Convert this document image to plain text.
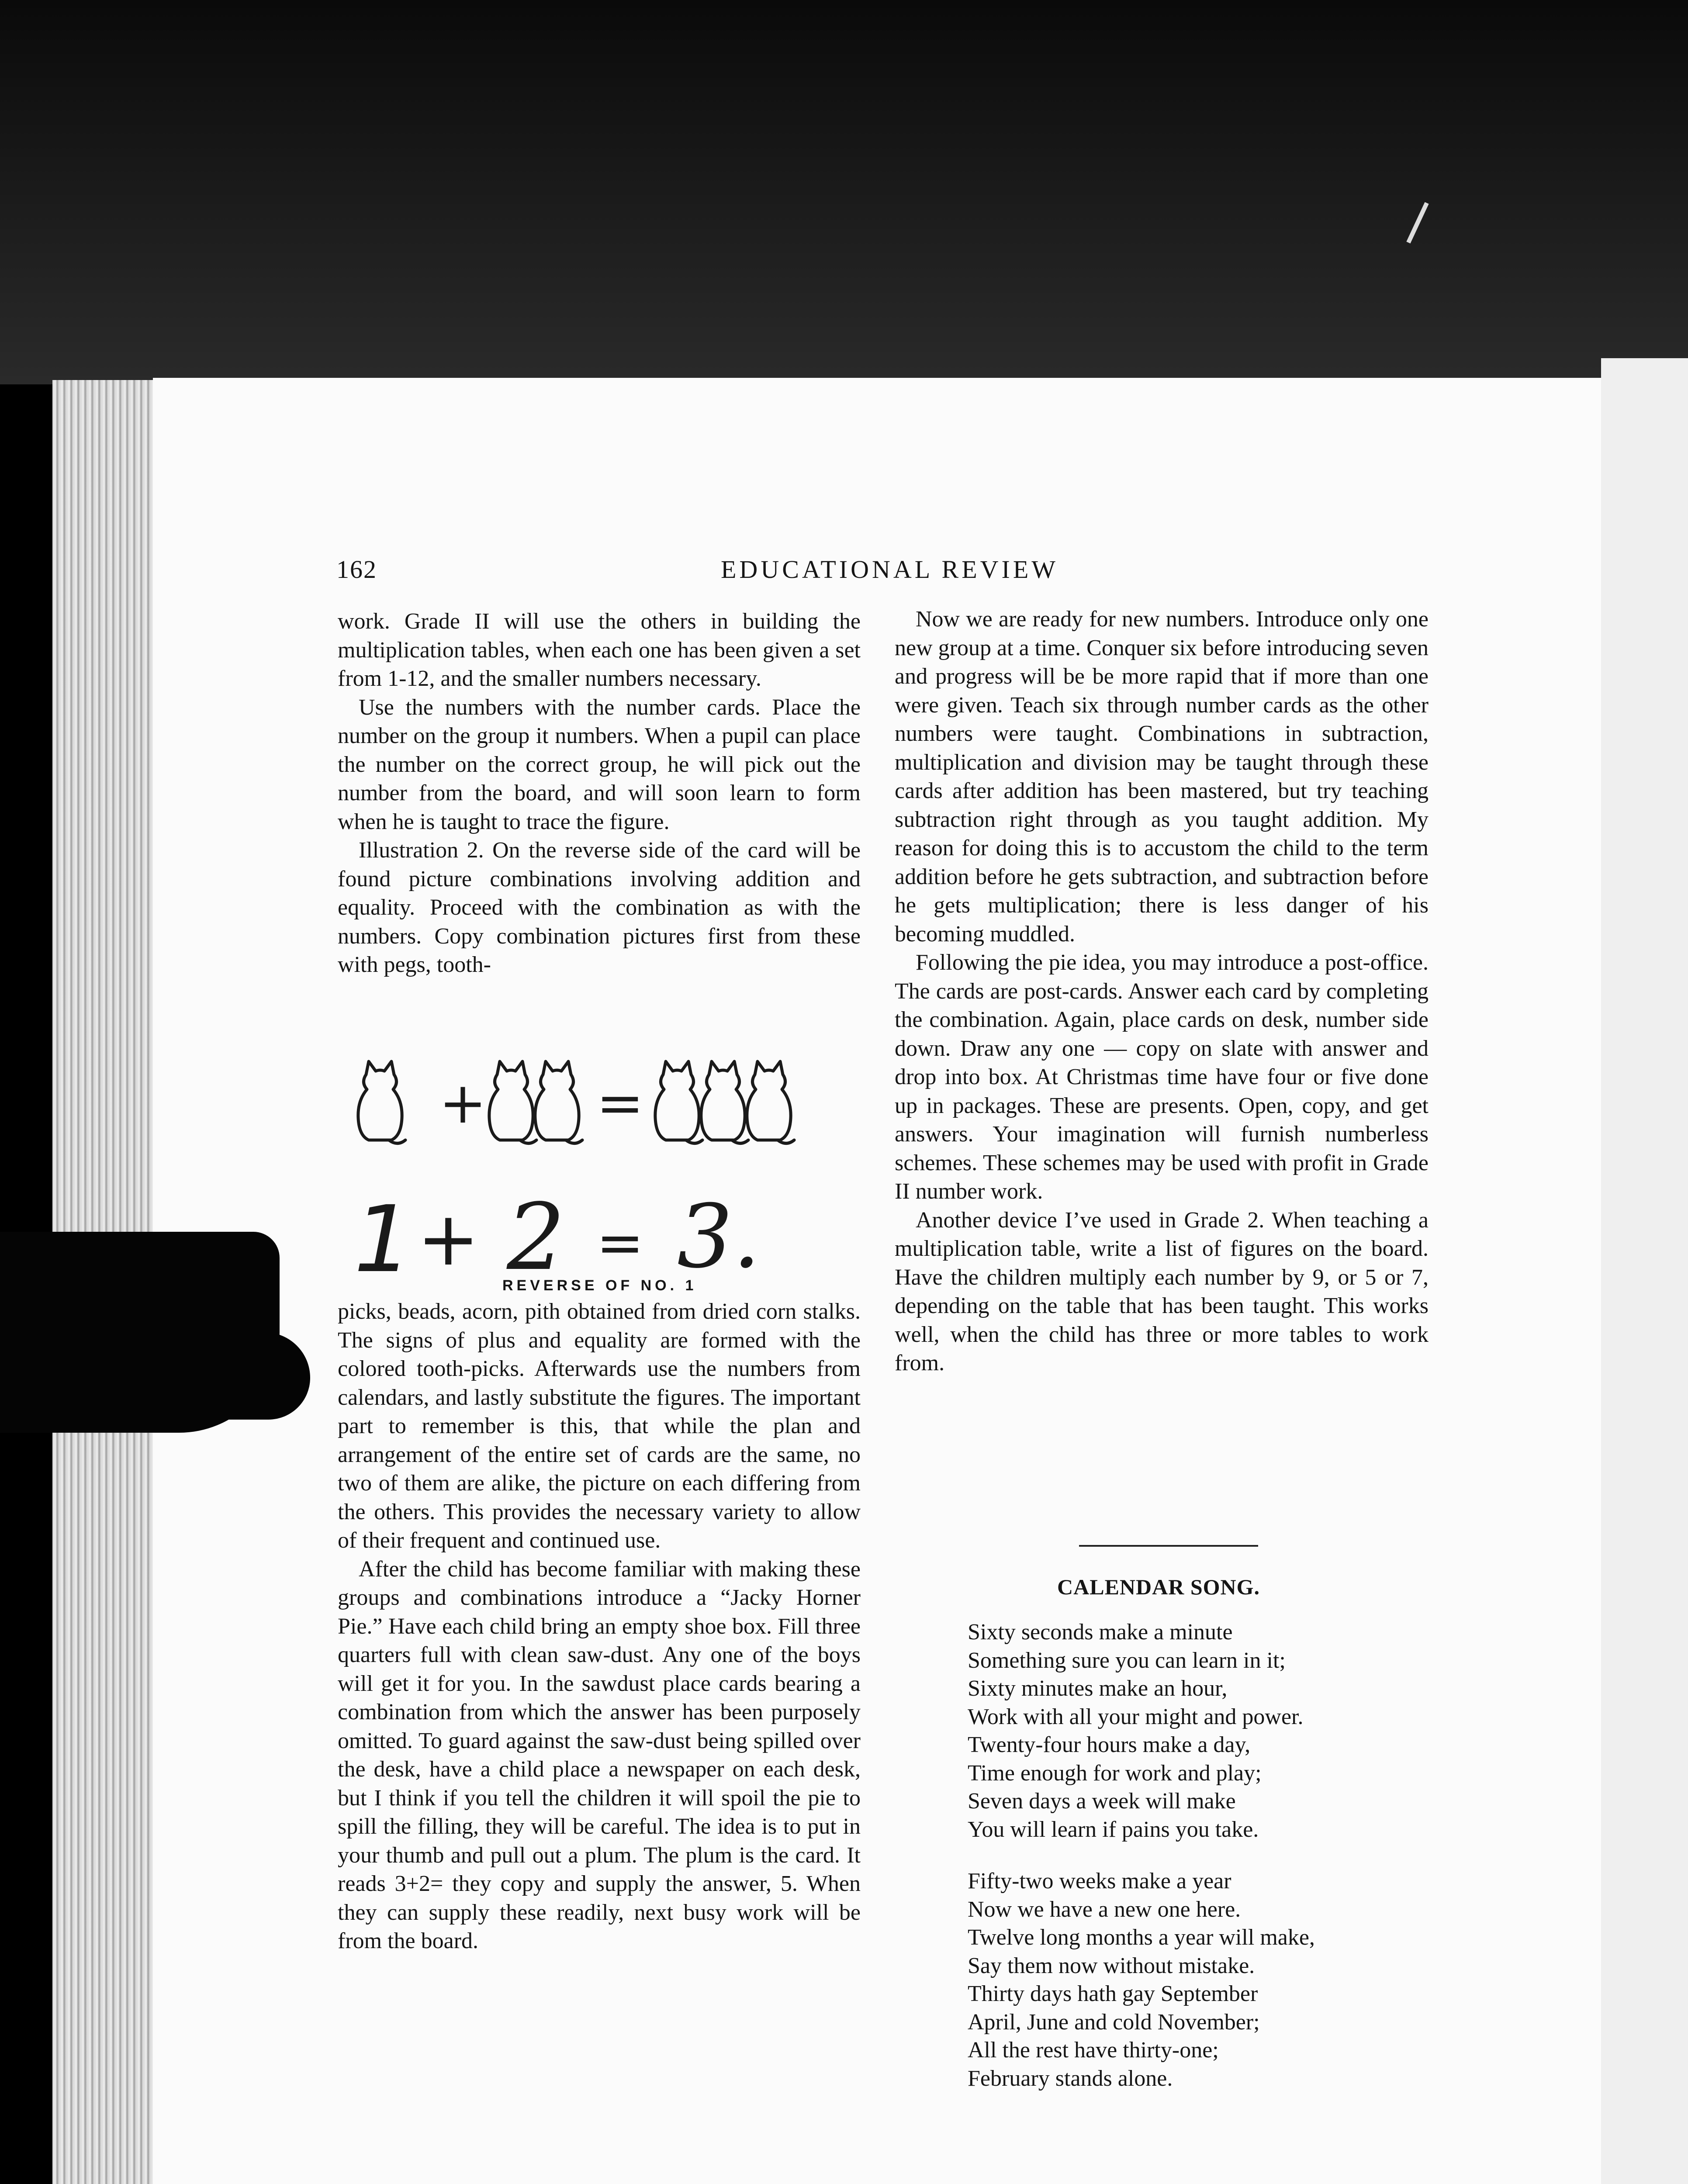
162	EDUCATIONAL REVIEW

work. Grade II will use the others in building the multiplication tables, when each one has been given a set from 1-12, and the smaller numbers necessary.

Use the numbers with the number cards. Place the number on the group it numbers. When a pupil can place the number on the correct group, he will pick out the number from the board, and will soon learn to form when he is taught to trace the figure.

Illustration 2. On the reverse side of the card will be found picture combinations involving addition and equality. Proceed with the combination as with the numbers. Copy combination pictures first from these with pegs, tooth-

+ =
1 + 2 = 3.
REVERSE OF NO. 1

picks, beads, acorn, pith obtained from dried corn stalks. The signs of plus and equality are formed with the colored tooth-picks. Afterwards use the numbers from calendars, and lastly substitute the figures. The important part to remember is this, that while the plan and arrangement of the entire set of cards are the same, no two of them are alike, the picture on each differing from the others. This provides the necessary variety to allow of their frequent and continued use.

After the child has become familiar with making these groups and combinations introduce a “Jacky Horner Pie.” Have each child bring an empty shoe box. Fill three quarters full with clean saw-dust. Any one of the boys will get it for you. In the sawdust place cards bearing a combination from which the answer has been purposely omitted. To guard against the saw-dust being spilled over the desk, have a child place a newspaper on each desk, but I think if you tell the children it will spoil the pie to spill the filling, they will be careful. The idea is to put in your thumb and pull out a plum. The plum is the card. It reads 3+2= they copy and supply the answer, 5. When they can supply these readily, next busy work will be from the board.

Now we are ready for new numbers. Introduce only one new group at a time. Conquer six before introducing seven and progress will be be more rapid that if more than one were given. Teach six through number cards as the other numbers were taught. Combinations in subtraction, multiplication and division may be taught through these cards after addition has been mastered, but try teaching subtraction right through as you taught addition. My reason for doing this is to accustom the child to the term addition before he gets subtraction, and subtraction before he gets multiplication; there is less danger of his becoming muddled.

Following the pie idea, you may introduce a post-office. The cards are post-cards. Answer each card by completing the combination. Again, place cards on desk, number side down. Draw any one — copy on slate with answer and drop into box. At Christmas time have four or five done up in packages. These are presents. Open, copy, and get answers. Your imagination will furnish numberless schemes. These schemes may be used with profit in Grade II number work.

Another device I’ve used in Grade 2. When teaching a multiplication table, write a list of figures on the board. Have the children multiply each number by 9, or 5 or 7, depending on the table that has been taught. This works well, when the child has three or more tables to work from.

CALENDAR SONG.
Sixty seconds make a minute
Something sure you can learn in it;
Sixty minutes make an hour,
Work with all your might and power.
Twenty-four hours make a day,
Time enough for work and play;
Seven days a week will make
You will learn if pains you take.
Fifty-two weeks make a year
Now we have a new one here.
Twelve long months a year will make,
Say them now without mistake.
Thirty days hath gay September
April, June and cold November;
All the rest have thirty-one;
February stands alone.
